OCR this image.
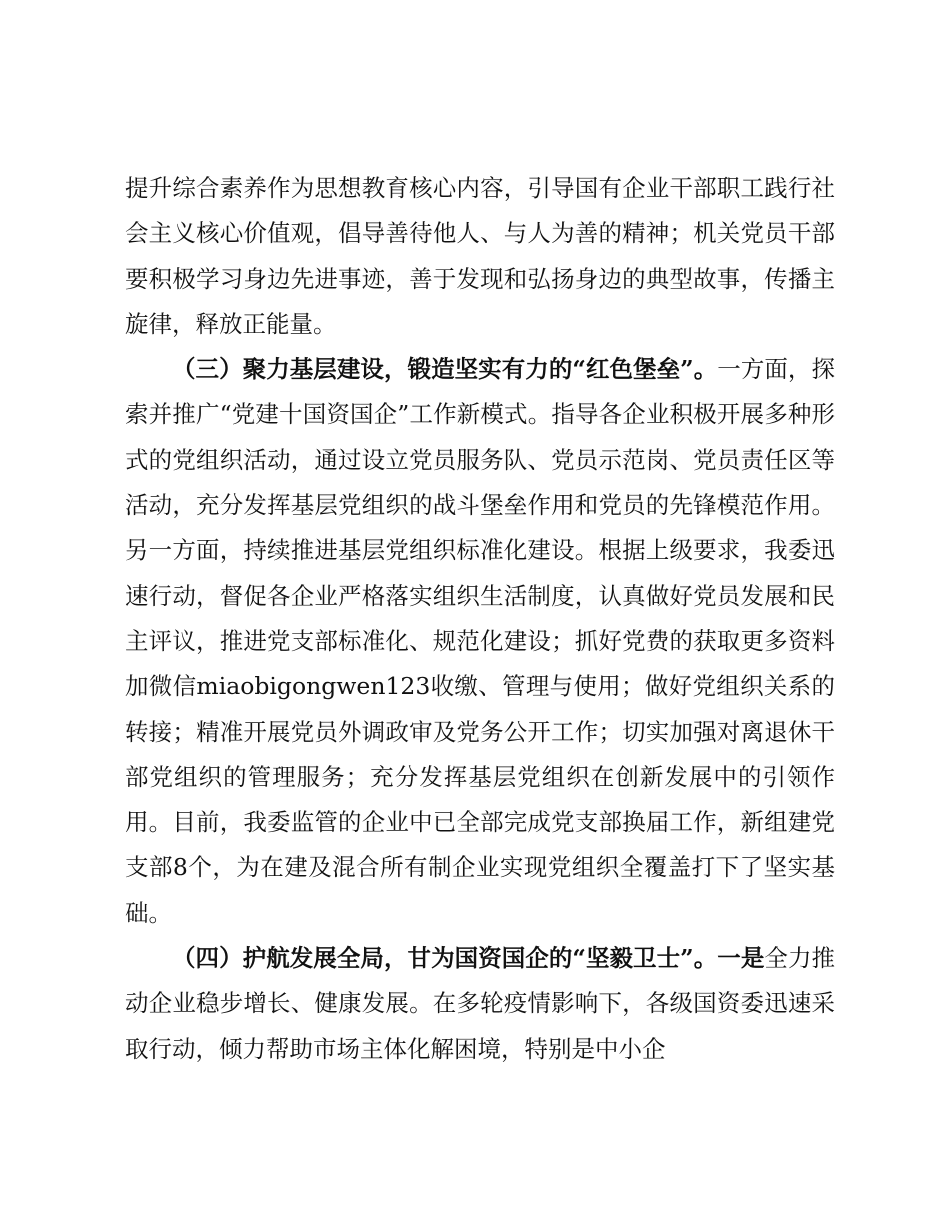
提升综合素养作为思想教育核心内容，引导国有企业干部职工践行社会主义核心价值观，倡导善待他人、与人为善的精神；机关党员干部要积极学习身边先进事迹，善于发现和弘扬身边的典型故事，传播主旋律，释放正能量。

（三）聚力基层建设，锻造坚实有力的“红色堡垒”。一方面，探索并推广“党建十国资国企”工作新模式。指导各企业积极开展多种形式的党组织活动，通过设立党员服务队、党员示范岗、党员责任区等活动，充分发挥基层党组织的战斗堡垒作用和党员的先锋模范作用。另一方面，持续推进基层党组织标准化建设。根据上级要求，我委迅速行动，督促各企业严格落实组织生活制度，认真做好党员发展和民主评议，推进党支部标准化、规范化建设；抓好党费的获取更多资料加微信miaobigongwen123收缴、管理与使用；做好党组织关系的转接；精准开展党员外调政审及党务公开工作；切实加强对离退休干部党组织的管理服务；充分发挥基层党组织在创新发展中的引领作用。目前，我委监管的企业中已全部完成党支部换届工作，新组建党支部8个，为在建及混合所有制企业实现党组织全覆盖打下了坚实基础。

（四）护航发展全局，甘为国资国企的“坚毅卫士”。一是全力推动企业稳步增长、健康发展。在多轮疫情影响下，各级国资委迅速采取行动，倾力帮助市场主体化解困境，特别是中小企
